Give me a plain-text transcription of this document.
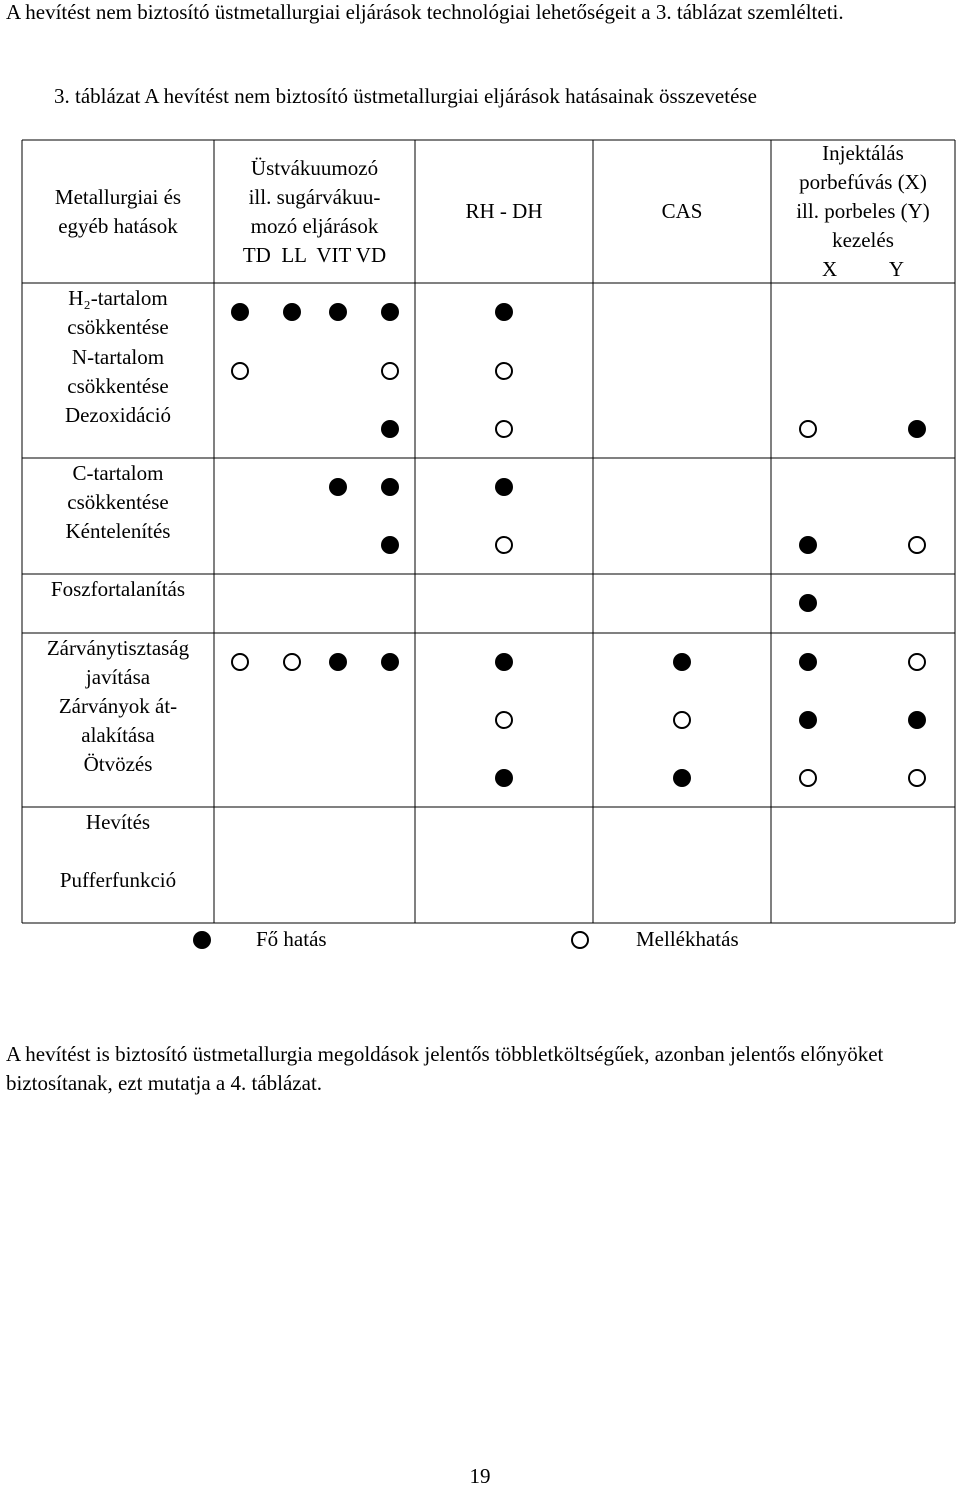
A hevítést nem biztosító üstmetallurgiai eljárások technológiai lehetőségeit a 3. táblázat szemlélteti.
3. táblázat A hevítést nem biztosító üstmetallurgiai eljárások hatásainak összevetése
Metallurgiai és
egyéb hatások
Üstvákuumozó
ill. sugárvákuu-
mozó eljárások
TD  LL  VIT VD
RH - DH	CAS
Injektálás
porbefúvás (X)
ill. porbeles (Y)
kezelés
X          Y
H₂-tartalom
csökkentése
N-tartalom
csökkentése
Dezoxidáció
C-tartalom
csökkentése
Kéntelenítés
Foszfortalanítás
Zárványtisztaság
javítása
Zárványok át-
alakítása
Ötvözés
Hevítés
Pufferfunkció
Fő hatás	Mellékhatás
A hevítést is biztosító üstmetallurgia megoldások jelentős többletköltségűek, azonban jelentős előnyöket biztosítanak, ezt mutatja a 4. táblázat.
19
